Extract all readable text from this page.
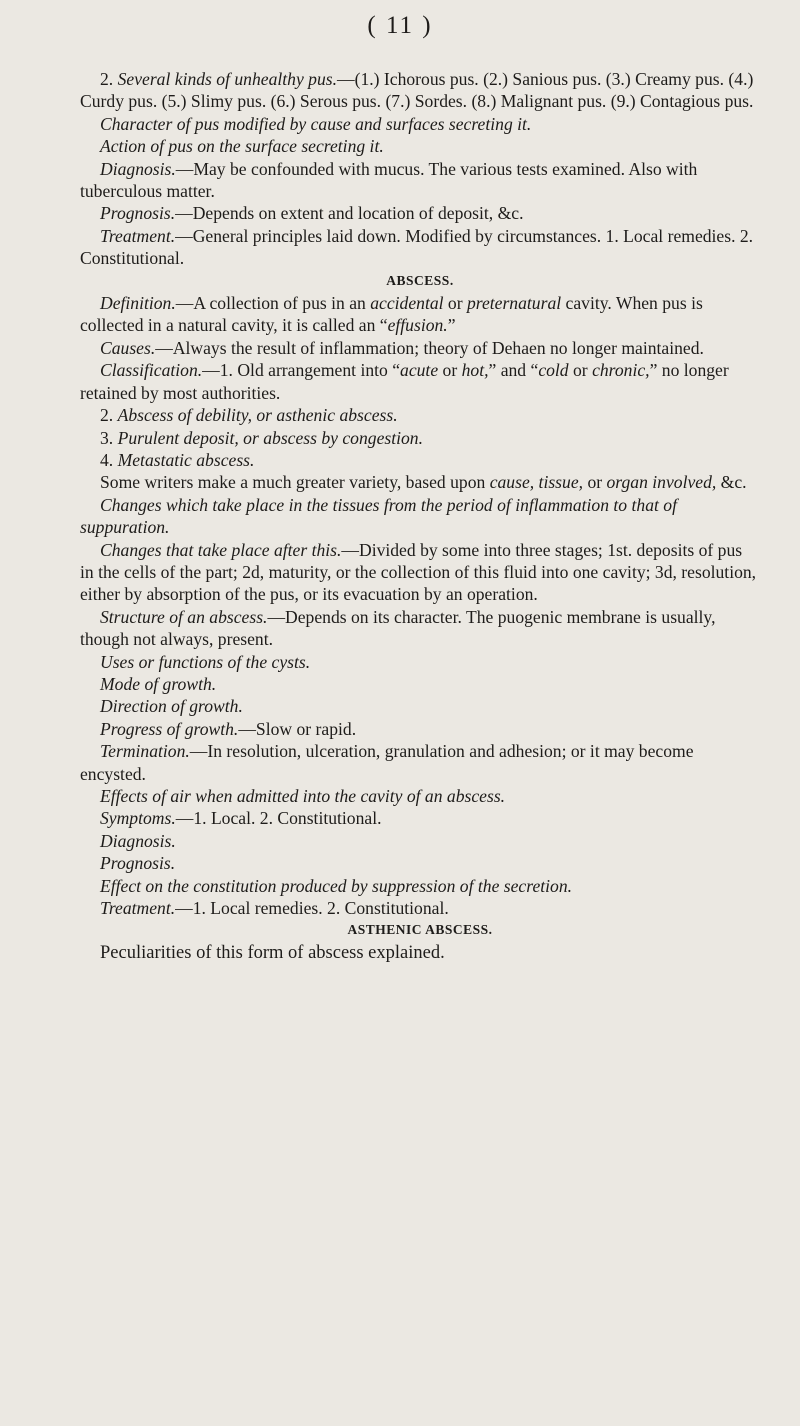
( 11 )

2. Several kinds of unhealthy pus.—(1.) Ichorous pus. (2.) Sanious pus. (3.) Creamy pus. (4.) Curdy pus. (5.) Slimy pus. (6.) Serous pus. (7.) Sordes. (8.) Malignant pus. (9.) Contagious pus.

Character of pus modified by cause and surfaces secreting it.

Action of pus on the surface secreting it.

Diagnosis.—May be confounded with mucus. The various tests examined. Also with tuberculous matter.

Prognosis.—Depends on extent and location of deposit, &c.

Treatment.—General principles laid down. Modified by circumstances. 1. Local remedies. 2. Constitutional.

ABSCESS.

Definition.—A collection of pus in an accidental or preternatural cavity. When pus is collected in a natural cavity, it is called an “effusion.”

Causes.—Always the result of inflammation; theory of Dehaen no longer maintained.

Classification.—1. Old arrangement into “acute or hot,” and “cold or chronic,” no longer retained by most authorities.

2. Abscess of debility, or asthenic abscess.

3. Purulent deposit, or abscess by congestion.

4. Metastatic abscess.

Some writers make a much greater variety, based upon cause, tissue, or organ involved, &c.

Changes which take place in the tissues from the period of inflammation to that of suppuration.

Changes that take place after this.—Divided by some into three stages; 1st. deposits of pus in the cells of the part; 2d, maturity, or the collection of this fluid into one cavity; 3d, resolution, either by absorption of the pus, or its evacuation by an operation.

Structure of an abscess.—Depends on its character. The puogenic membrane is usually, though not always, present.

Uses or functions of the cysts.

Mode of growth.

Direction of growth.

Progress of growth.—Slow or rapid.

Termination.—In resolution, ulceration, granulation and adhesion; or it may become encysted.

Effects of air when admitted into the cavity of an abscess.

Symptoms.—1. Local. 2. Constitutional.

Diagnosis.

Prognosis.

Effect on the constitution produced by suppression of the secretion.

Treatment.—1. Local remedies. 2. Constitutional.

ASTHENIC ABSCESS.

Peculiarities of this form of abscess explained.
